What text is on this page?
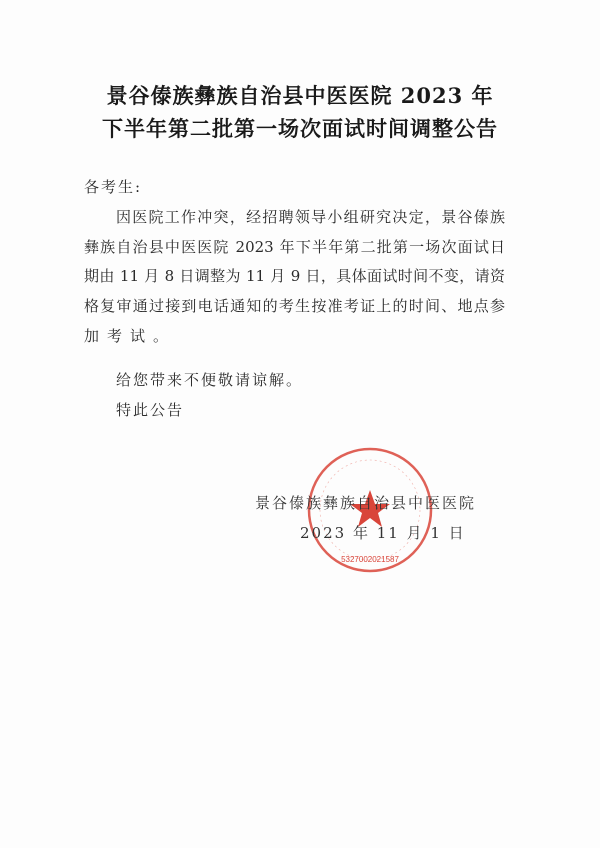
景谷傣族彝族自治县中医医院 2023 年
下半年第二批第一场次面试时间调整公告
各考生:
因医院工作冲突，经招聘领导小组研究决定，景谷傣族
彝族自治县中医医院 2023 年下半年第二批第一场次面试日
期由 11 月 8 日调整为 11 月 9 日，具体面试时间不变，请资
格复审通过接到电话通知的考生按准考证上的时间、地点参
加考试。
给您带来不便敬请谅解。
特此公告
5327002021587
景谷傣族彝族自治县中医医院
2023 年 11 月 1 日
